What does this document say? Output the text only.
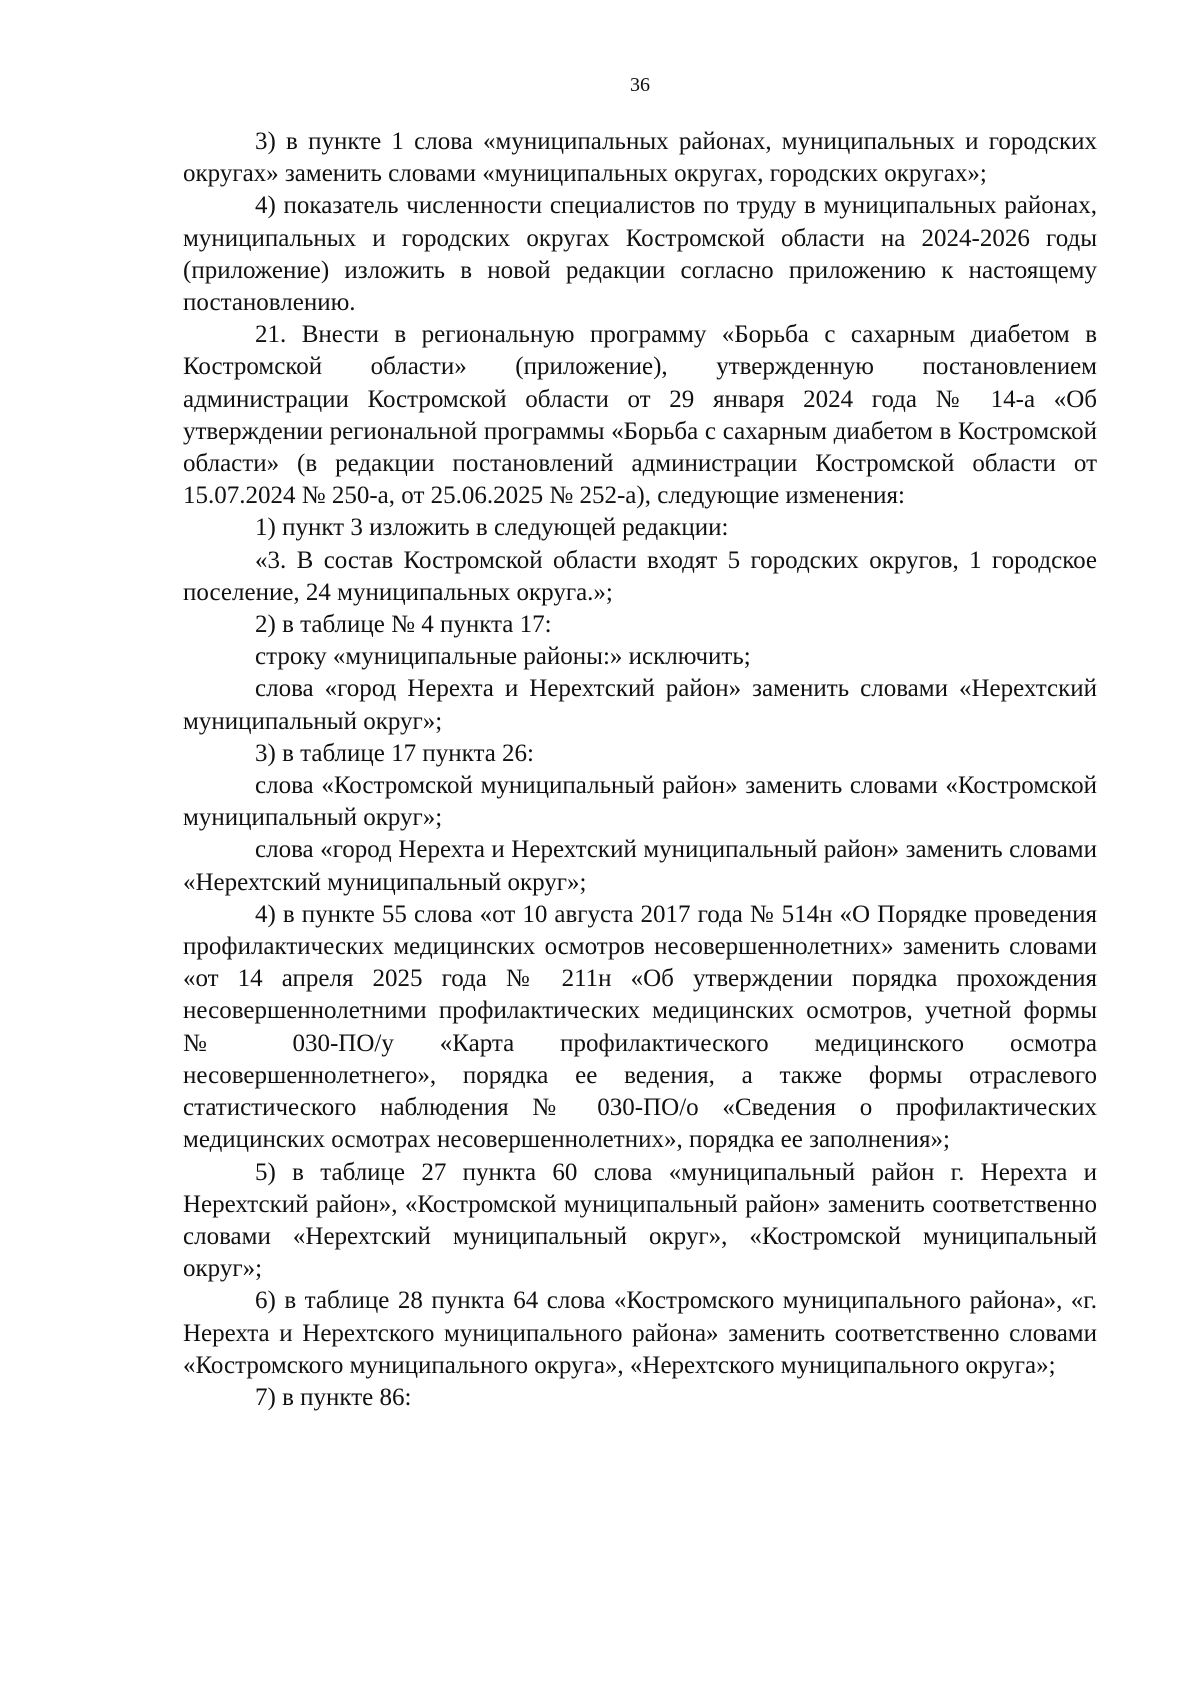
36

3) в пункте 1 слова «муниципальных районах, муниципальных и городских округах» заменить словами «муниципальных округах, городских округах»;

4) показатель численности специалистов по труду в муниципальных районах, муниципальных и городских округах Костромской области на 2024-2026 годы (приложение) изложить в новой редакции согласно приложению к настоящему постановлению.

21. Внести в региональную программу «Борьба с сахарным диабетом в Костромской области» (приложение), утвержденную постановлением администрации Костромской области от 29 января 2024 года № 14-а «Об утверждении региональной программы «Борьба с сахарным диабетом в Костромской области» (в редакции постановлений администрации Костромской области от 15.07.2024 № 250-а, от 25.06.2025 № 252-а), следующие изменения:

1) пункт 3 изложить в следующей редакции:

«3. В состав Костромской области входят 5 городских округов, 1 городское поселение, 24 муниципальных округа.»;

2) в таблице № 4 пункта 17:

строку «муниципальные районы:» исключить;

слова «город Нерехта и Нерехтский район» заменить словами «Нерехтский муниципальный округ»;

3) в таблице 17 пункта 26:

слова «Костромской муниципальный район» заменить словами «Костромской муниципальный округ»;

слова «город Нерехта и Нерехтский муниципальный район» заменить словами «Нерехтский муниципальный округ»;

4) в пункте 55 слова «от 10 августа 2017 года № 514н «О Порядке проведения профилактических медицинских осмотров несовершеннолетних» заменить словами «от 14 апреля 2025 года № 211н «Об утверждении порядка прохождения несовершеннолетними профилактических медицинских осмотров, учетной формы № 030-ПО/у «Карта профилактического медицинского осмотра несовершеннолетнего», порядка ее ведения, а также формы отраслевого статистического наблюдения № 030-ПО/о «Сведения о профилактических медицинских осмотрах несовершеннолетних», порядка ее заполнения»;

5) в таблице 27 пункта 60 слова «муниципальный район г. Нерехта и Нерехтский район», «Костромской муниципальный район» заменить соответственно словами «Нерехтский муниципальный округ», «Костромской муниципальный округ»;

6) в таблице 28 пункта 64 слова «Костромского муниципального района», «г. Нерехта и Нерехтского муниципального района» заменить соответственно словами «Костромского муниципального округа», «Нерехтского муниципального округа»;

7) в пункте 86:
